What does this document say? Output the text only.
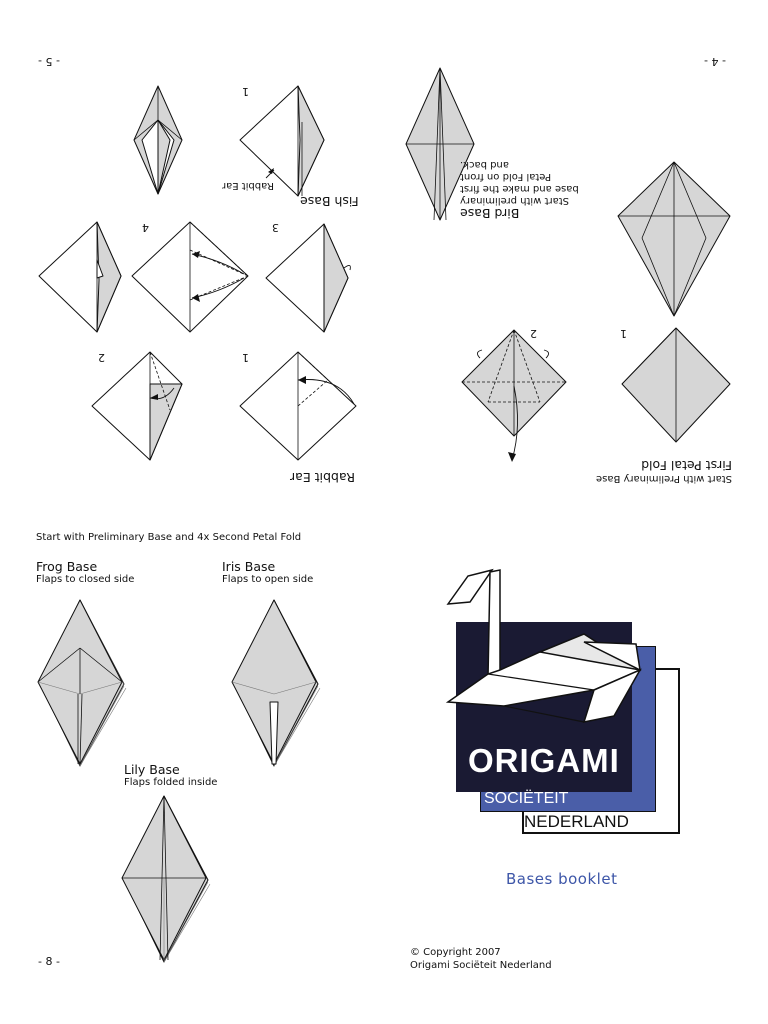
- 5 -	- 4 -
- 8 -
1
Rabbit Ear
Fish Base
4	3
2	1
Rabbit Ear
Bird Base
Start with preliminary
base and make the first
Petal Fold on front
and back.
2	1
Start with Preliminary Base
First Petal Fold
Start with Preliminary Base and 4x Second Petal Fold
Frog Base
Flaps to closed side
Iris Base
Flaps to open side
Lily Base
Flaps folded inside
ORIGAMI
SOCIËTEIT
NEDERLAND
Bases booklet
© Copyright 2007
Origami Sociëteit Nederland
